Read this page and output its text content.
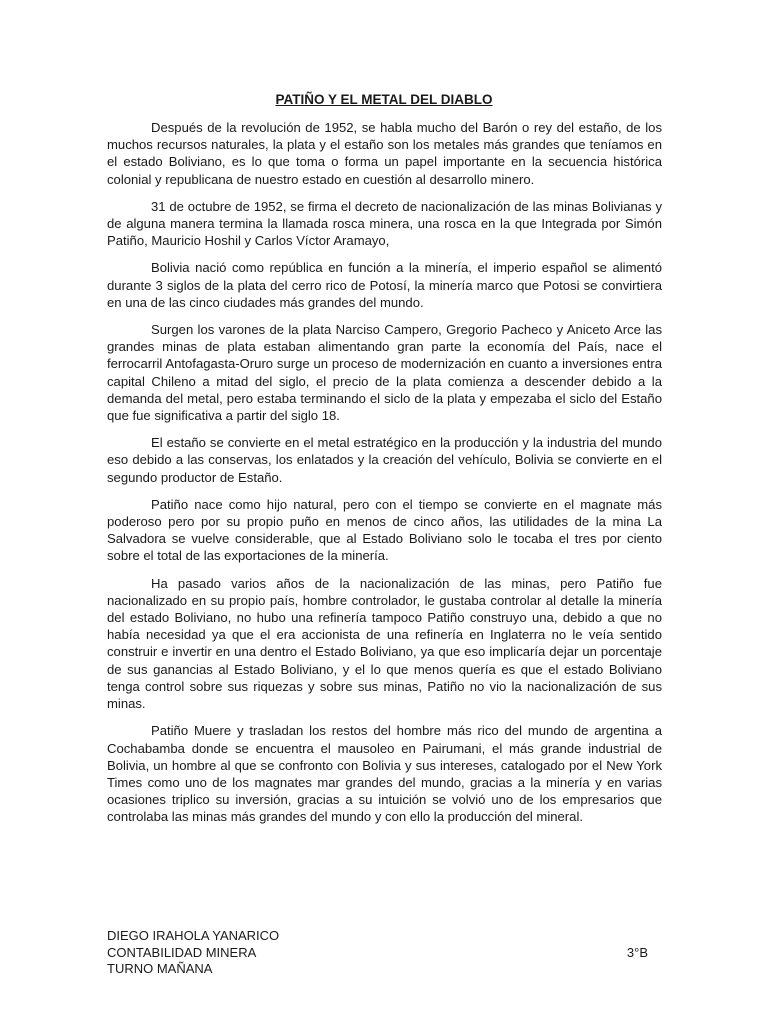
PATIÑO Y EL METAL DEL DIABLO

Después de la revolución de 1952, se habla mucho del Barón o rey del estaño, de los muchos recursos naturales, la plata y el estaño son los metales más grandes que teníamos en el estado Boliviano, es lo que toma o forma un papel importante en la secuencia histórica colonial y republicana de nuestro estado en cuestión al desarrollo minero.

31 de octubre de 1952, se firma el decreto de nacionalización de las minas Bolivianas y de alguna manera termina la llamada rosca minera, una rosca en la que Integrada por Simón Patiño, Mauricio Hoshil y Carlos Víctor Aramayo,

Bolivia nació como república en función a la minería, el imperio español se alimentó durante 3 siglos de la plata del cerro rico de Potosí, la minería marco que Potosi se convirtiera en una de las cinco ciudades más grandes del mundo.

Surgen los varones de la plata Narciso Campero, Gregorio Pacheco y Aniceto Arce las grandes minas de plata estaban alimentando gran parte la economía del País, nace el ferrocarril Antofagasta-Oruro surge un proceso de modernización en cuanto a inversiones entra capital Chileno a mitad del siglo, el precio de la plata comienza a descender debido a la demanda del metal, pero estaba terminando el siclo de la plata y empezaba el siclo del Estaño que fue significativa a partir del siglo 18.

El estaño se convierte en el metal estratégico en la producción y la industria del mundo eso debido a las conservas, los enlatados y la creación del vehículo, Bolivia se convierte en el segundo productor de Estaño.

Patiño nace como hijo natural, pero con el tiempo se convierte en el magnate más poderoso pero por su propio puño en menos de cinco años, las utilidades de la mina La Salvadora se vuelve considerable, que al Estado Boliviano solo le tocaba el tres por ciento sobre el total de las exportaciones de la minería.

Ha pasado varios años de la nacionalización de las minas, pero Patiño fue nacionalizado en su propio país, hombre controlador, le gustaba controlar al detalle la minería del estado Boliviano, no hubo una refinería tampoco Patiño construyo una, debido a que no había necesidad ya que el era accionista de una refinería en Inglaterra no le veía sentido construir e invertir en una dentro el Estado Boliviano, ya que eso implicaría dejar un porcentaje de sus ganancias al Estado Boliviano, y el lo que menos quería es que el estado Boliviano tenga control sobre sus riquezas y sobre sus minas, Patiño no vio la nacionalización de sus minas.

Patiño Muere y trasladan los restos del hombre más rico del mundo de argentina a Cochabamba donde se encuentra el mausoleo en Pairumani, el más grande industrial de Bolivia, un hombre al que se confronto con Bolivia y sus intereses, catalogado por el New York Times como uno de los magnates mar grandes del mundo, gracias a la minería y en varias ocasiones triplico su inversión, gracias a su intuición se volvió uno de los empresarios que controlaba las minas más grandes del mundo y con ello la producción del mineral.

DIEGO IRAHOLA YANARICO
CONTABILIDAD MINERA
TURNO MAÑANA
3°B
